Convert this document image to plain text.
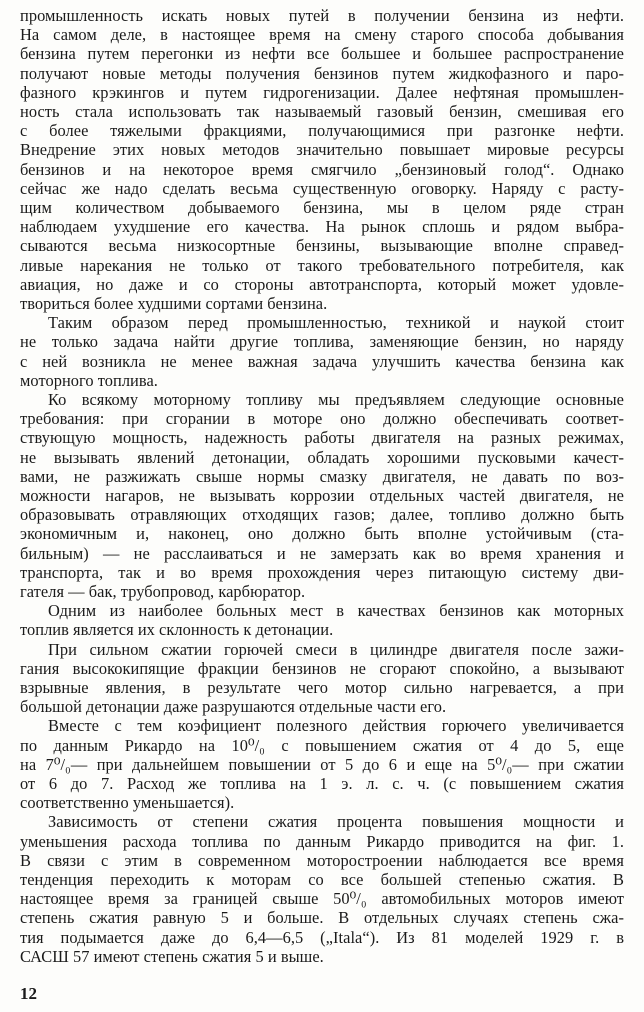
промышленность искать новых путей в получении бензина из нефти.
На самом деле, в настоящее время на смену старого способа добывания
бензина путем перегонки из нефти все большее и большее распространение
получают новые методы получения бензинов путем жидкофазного и паро-
фазного крэкингов и путем гидрогенизации. Далее нефтяная промышлен-
ность стала использовать так называемый газовый бензин, смешивая его
с более тяжелыми фракциями, получающимися при разгонке нефти.
Внедрение этих новых методов значительно повышает мировые ресурсы
бензинов и на некоторое время смягчило „бензиновый голод“. Однако
сейчас же надо сделать весьма существенную оговорку. Наряду с расту-
щим количеством добываемого бензина, мы в целом ряде стран
наблюдаем ухудшение его качества. На рынок сплошь и рядом выбра-
сываются весьма низкосортные бензины, вызывающие вполне справед-
ливые нарекания не только от такого требовательного потребителя, как
авиация, но даже и со стороны автотранспорта, который может удовле-
твориться более худшими сортами бензина.
Таким образом перед промышленностью, техникой и наукой стоит
не только задача найти другие топлива, заменяющие бензин, но наряду
с ней возникла не менее важная задача улучшить качества бензина как
моторного топлива.
Ко всякому моторному топливу мы предъявляем следующие основные
требования: при сгорании в моторе оно должно обеспечивать соответ-
ствующую мощность, надежность работы двигателя на разных режимах,
не вызывать явлений детонации, обладать хорошими пусковыми качест-
вами, не разжижать свыше нормы смазку двигателя, не давать по воз-
можности нагаров, не вызывать коррозии отдельных частей двигателя, не
образовывать отравляющих отходящих газов; далее, топливо должно быть
экономичным и, наконец, оно должно быть вполне устойчивым (ста-
бильным) — не расслаиваться и не замерзать как во время хранения и
транспорта, так и во время прохождения через питающую систему дви-
гателя — бак, трубопровод, карбюратор.
Одним из наиболее больных мест в качествах бензинов как моторных
топлив является их склонность к детонации.
При сильном сжатии горючей смеси в цилиндре двигателя после зажи-
гания высококипящие фракции бензинов не сгорают спокойно, а вызывают
взрывные явления, в результате чего мотор сильно нагревается, а при
большой детонации даже разрушаются отдельные части его.
Вместе с тем коэфициент полезного действия горючего увеличивается
по данным Рикардо на 10⁰/₀ с повышением сжатия от 4 до 5, еще
на 7⁰/₀— при дальнейшем повышении от 5 до 6 и еще на 5⁰/₀— при сжатии
от 6 до 7. Расход же топлива на 1 э. л. с. ч. (с повышением сжатия
соответственно уменьшается).
Зависимость от степени сжатия процента повышения мощности и
уменьшения расхода топлива по данным Рикардо приводится на фиг. 1.
В связи с этим в современном моторостроении наблюдается все время
тенденция переходить к моторам со все большей степенью сжатия. В
настоящее время за границей свыше 50⁰/₀ автомобильных моторов имеют
степень сжатия равную 5 и больше. В отдельных случаях степень сжа-
тия подымается даже до 6,4—6,5 („Itala“). Из 81 моделей 1929 г. в
САСШ 57 имеют степень сжатия 5 и выше.
12
